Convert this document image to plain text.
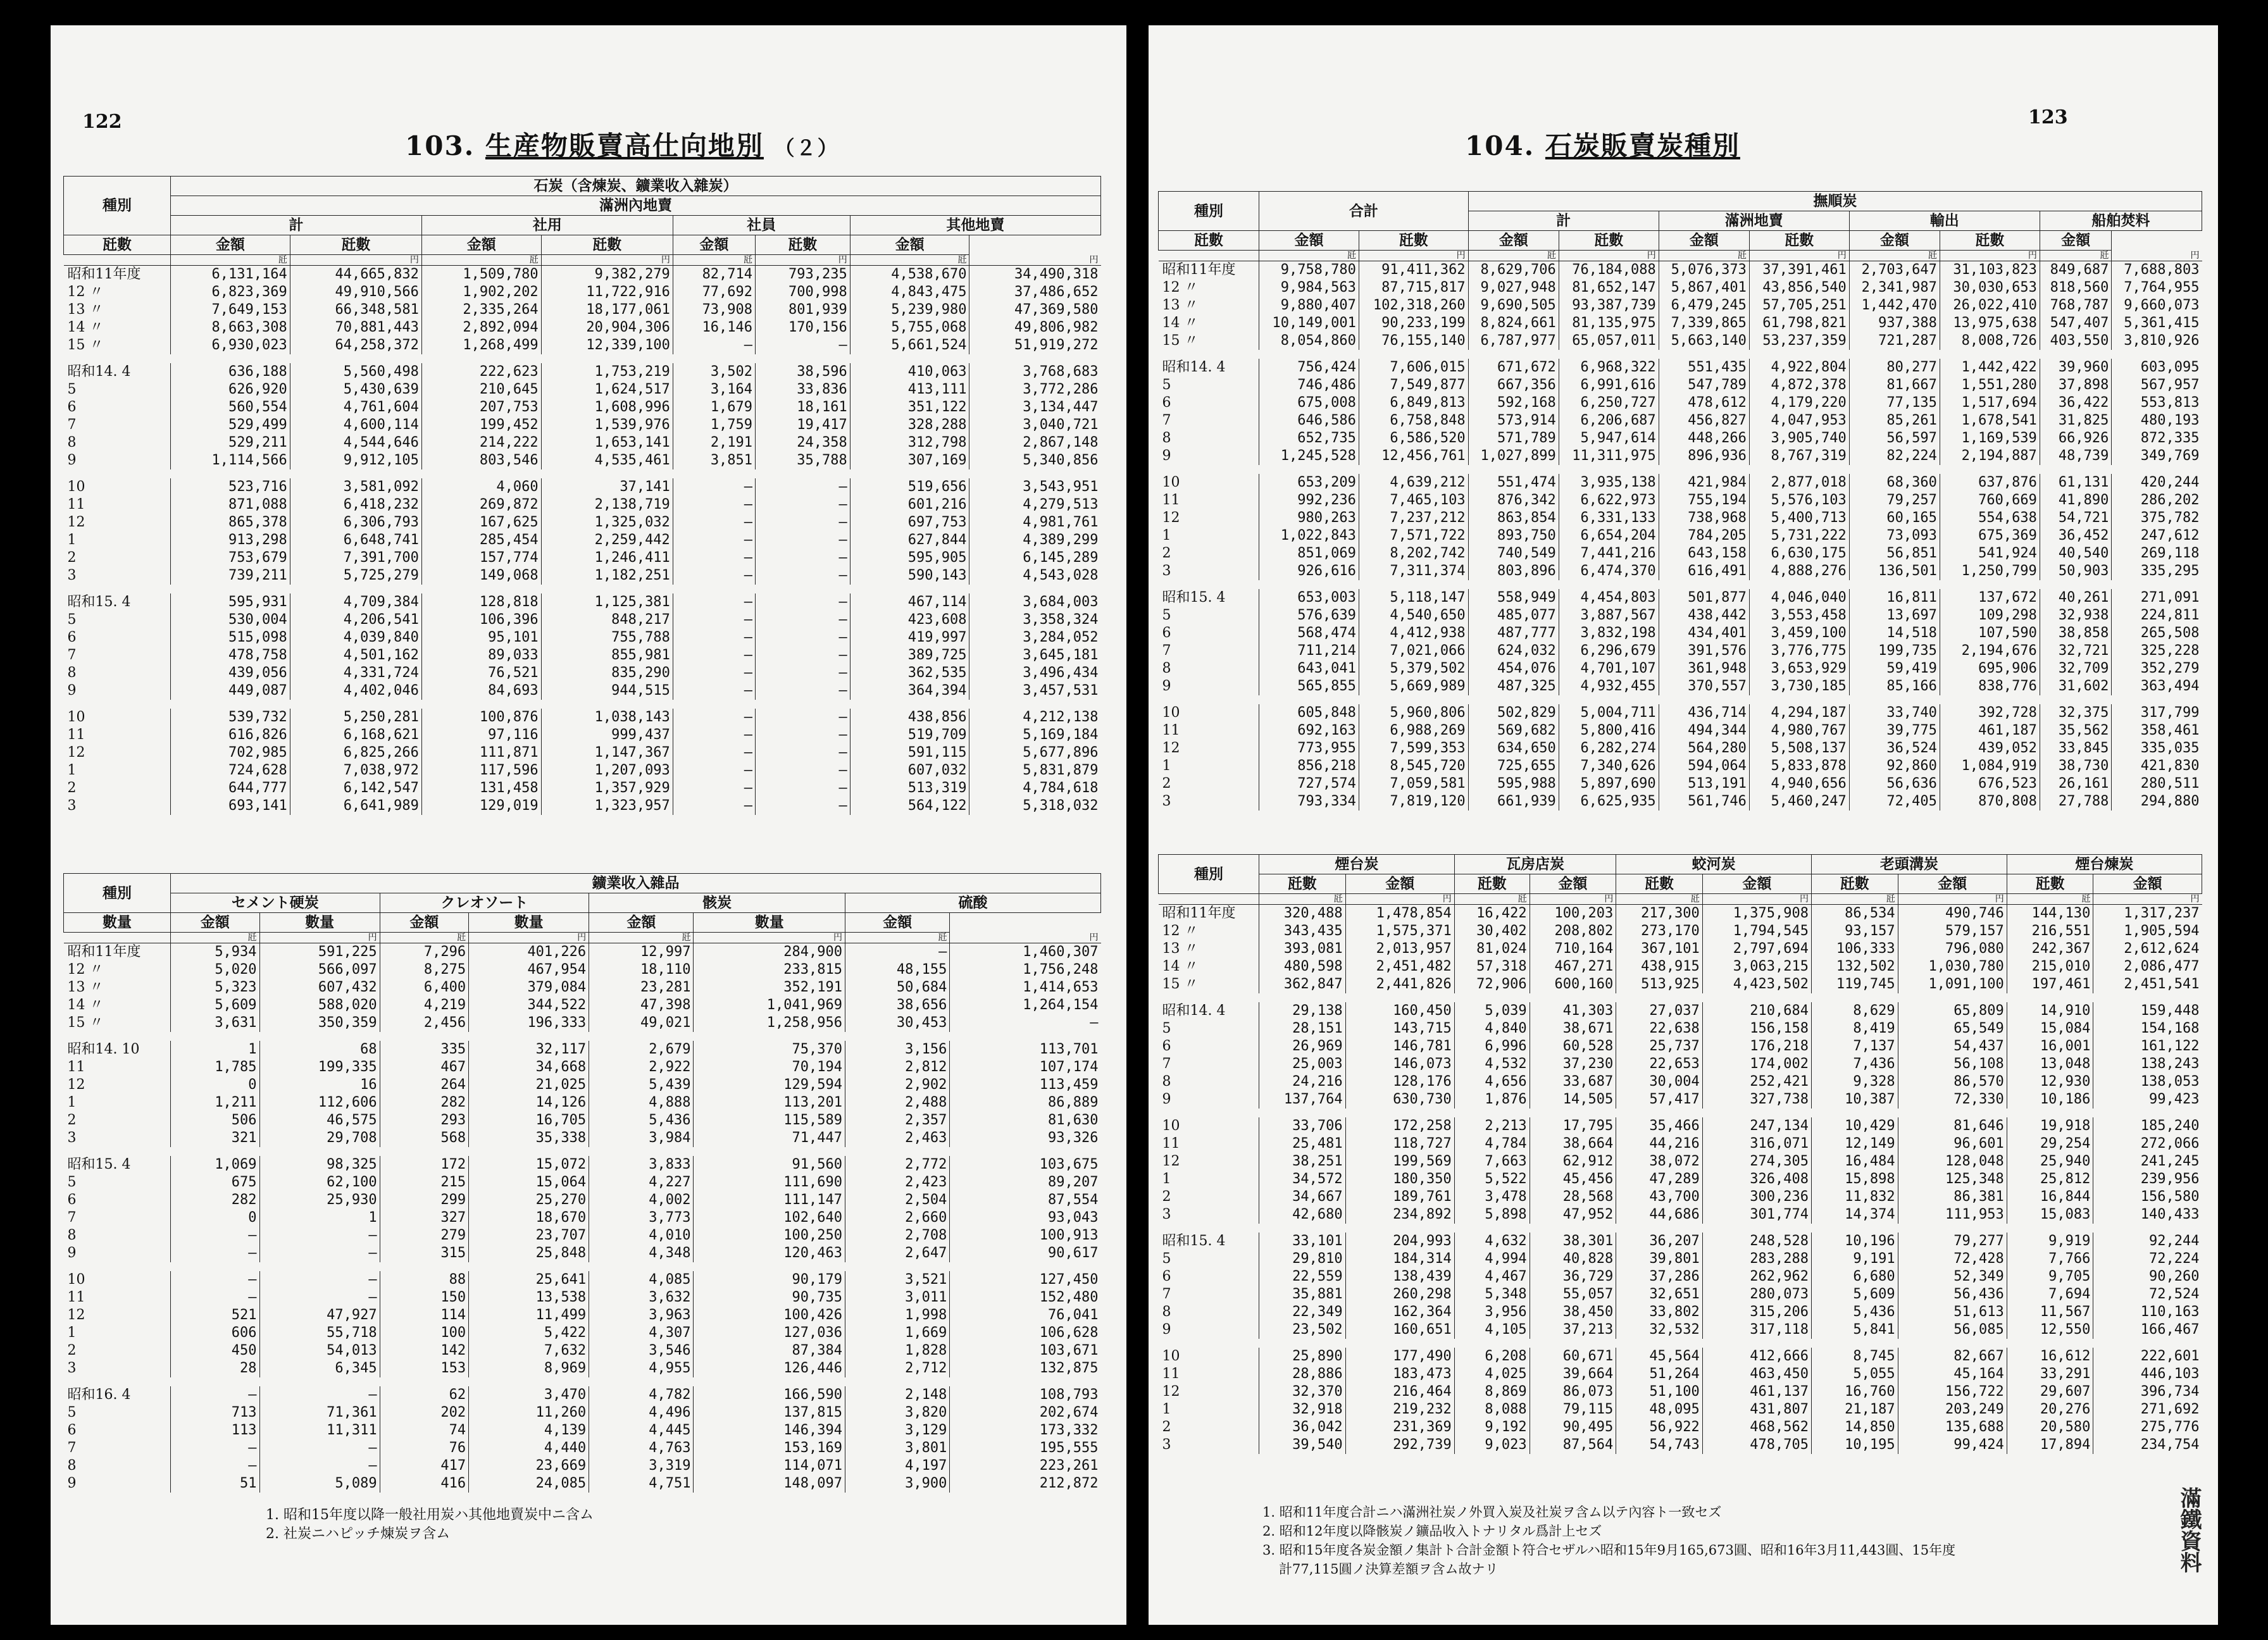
122
103. 生産物販賣高仕向地別 （２）
種別	石炭（含煉炭、鑛業收入雜炭）							
	滿洲內地賣							
	計		社用		社員		其他地賣	
瓩數	金額	瓩數	金額	瓩數	金額	瓩數	金額	
	瓩	円	瓩	円	瓩	円	瓩	円
昭和11年度	6,131,164	44,665,832	1,509,780	9,382,279	82,714	793,235	4,538,670	34,490,318
12 〃	6,823,369	49,910,566	1,902,202	11,722,916	77,692	700,998	4,843,475	37,486,652
13 〃	7,649,153	66,348,581	2,335,264	18,177,061	73,908	801,939	5,239,980	47,369,580
14 〃	8,663,308	70,881,443	2,892,094	20,904,306	16,146	170,156	5,755,068	49,806,982
15 〃	6,930,023	64,258,372	1,268,499	12,339,100	—	—	5,661,524	51,919,272

昭和14. 4	636,188	5,560,498	222,623	1,753,219	3,502	38,596	410,063	3,768,683
5	626,920	5,430,639	210,645	1,624,517	3,164	33,836	413,111	3,772,286
6	560,554	4,761,604	207,753	1,608,996	1,679	18,161	351,122	3,134,447
7	529,499	4,600,114	199,452	1,539,976	1,759	19,417	328,288	3,040,721
8	529,211	4,544,646	214,222	1,653,141	2,191	24,358	312,798	2,867,148
9	1,114,566	9,912,105	803,546	4,535,461	3,851	35,788	307,169	5,340,856

10	523,716	3,581,092	4,060	37,141	—	—	519,656	3,543,951
11	871,088	6,418,232	269,872	2,138,719	—	—	601,216	4,279,513
12	865,378	6,306,793	167,625	1,325,032	—	—	697,753	4,981,761
1	913,298	6,648,741	285,454	2,259,442	—	—	627,844	4,389,299
2	753,679	7,391,700	157,774	1,246,411	—	—	595,905	6,145,289
3	739,211	5,725,279	149,068	1,182,251	—	—	590,143	4,543,028

昭和15. 4	595,931	4,709,384	128,818	1,125,381	—	—	467,114	3,684,003
5	530,004	4,206,541	106,396	848,217	—	—	423,608	3,358,324
6	515,098	4,039,840	95,101	755,788	—	—	419,997	3,284,052
7	478,758	4,501,162	89,033	855,981	—	—	389,725	3,645,181
8	439,056	4,331,724	76,521	835,290	—	—	362,535	3,496,434
9	449,087	4,402,046	84,693	944,515	—	—	364,394	3,457,531

10	539,732	5,250,281	100,876	1,038,143	—	—	438,856	4,212,138
11	616,826	6,168,621	97,116	999,437	—	—	519,709	5,169,184
12	702,985	6,825,266	111,871	1,147,367	—	—	591,115	5,677,896
1	724,628	7,038,972	117,596	1,207,093	—	—	607,032	5,831,879
2	644,777	6,142,547	131,458	1,357,929	—	—	513,319	4,784,618
3	693,141	6,641,989	129,019	1,323,957	—	—	564,122	5,318,032
種別	鑛業收入雜品							
	セメント硬炭		クレオソート		骸炭		硫酸	
數量	金額	數量	金額	數量	金額	數量	金額	
	瓩	円	瓩	円	瓩	円	瓩	円
昭和11年度	5,934	591,225	7,296	401,226	12,997	284,900	—	1,460,307
12 〃	5,020	566,097	8,275	467,954	18,110	233,815	48,155	1,756,248
13 〃	5,323	607,432	6,400	379,084	23,281	352,191	50,684	1,414,653
14 〃	5,609	588,020	4,219	344,522	47,398	1,041,969	38,656	1,264,154
15 〃	3,631	350,359	2,456	196,333	49,021	1,258,956	30,453	—

昭和14. 10	1	68	335	32,117	2,679	75,370	3,156	113,701
11	1,785	199,335	467	34,668	2,922	70,194	2,812	107,174
12	0	16	264	21,025	5,439	129,594	2,902	113,459
1	1,211	112,606	282	14,126	4,888	113,201	2,488	86,889
2	506	46,575	293	16,705	5,436	115,589	2,357	81,630
3	321	29,708	568	35,338	3,984	71,447	2,463	93,326

昭和15. 4	1,069	98,325	172	15,072	3,833	91,560	2,772	103,675
5	675	62,100	215	15,064	4,227	111,690	2,423	89,207
6	282	25,930	299	25,270	4,002	111,147	2,504	87,554
7	0	1	327	18,670	3,773	102,640	2,660	93,043
8	—	—	279	23,707	4,010	100,250	2,708	100,913
9	—	—	315	25,848	4,348	120,463	2,647	90,617

10	—	—	88	25,641	4,085	90,179	3,521	127,450
11	—	—	150	13,538	3,632	90,735	3,011	152,480
12	521	47,927	114	11,499	3,963	100,426	1,998	76,041
1	606	55,718	100	5,422	4,307	127,036	1,669	106,628
2	450	54,013	142	7,632	3,546	87,384	1,828	103,671
3	28	6,345	153	8,969	4,955	126,446	2,712	132,875

昭和16. 4	—	—	62	3,470	4,782	166,590	2,148	108,793
5	713	71,361	202	11,260	4,496	137,815	3,820	202,674
6	113	11,311	74	4,139	4,445	146,394	3,129	173,332
7	—	—	76	4,440	4,763	153,169	3,801	195,555
8	—	—	417	23,669	3,319	114,071	4,197	223,261
9	51	5,089	416	24,085	4,751	148,097	3,900	212,872
1. 昭和15年度以降一般社用炭ハ其他地賣炭中ニ含ム
2. 社炭ニハピッチ煉炭ヲ含ム
123
104. 石炭販賣炭種別
種別	合計		撫順炭							
			計		滿洲地賣		輸出		船舶焚料	
瓩數	金額	瓩數	金額	瓩數	金額	瓩數	金額	瓩數	金額	
	瓩	円	瓩	円	瓩	円	瓩	円	瓩	円
昭和11年度	9,758,780	91,411,362	8,629,706	76,184,088	5,076,373	37,391,461	2,703,647	31,103,823	849,687	7,688,803
12 〃	9,984,563	87,715,817	9,027,948	81,652,147	5,867,401	43,856,540	2,341,987	30,030,653	818,560	7,764,955
13 〃	9,880,407	102,318,260	9,690,505	93,387,739	6,479,245	57,705,251	1,442,470	26,022,410	768,787	9,660,073
14 〃	10,149,001	90,233,199	8,824,661	81,135,975	7,339,865	61,798,821	937,388	13,975,638	547,407	5,361,415
15 〃	8,054,860	76,155,140	6,787,977	65,057,011	5,663,140	53,237,359	721,287	8,008,726	403,550	3,810,926

昭和14. 4	756,424	7,606,015	671,672	6,968,322	551,435	4,922,804	80,277	1,442,422	39,960	603,095
5	746,486	7,549,877	667,356	6,991,616	547,789	4,872,378	81,667	1,551,280	37,898	567,957
6	675,008	6,849,813	592,168	6,250,727	478,612	4,179,220	77,135	1,517,694	36,422	553,813
7	646,586	6,758,848	573,914	6,206,687	456,827	4,047,953	85,261	1,678,541	31,825	480,193
8	652,735	6,586,520	571,789	5,947,614	448,266	3,905,740	56,597	1,169,539	66,926	872,335
9	1,245,528	12,456,761	1,027,899	11,311,975	896,936	8,767,319	82,224	2,194,887	48,739	349,769

10	653,209	4,639,212	551,474	3,935,138	421,984	2,877,018	68,360	637,876	61,131	420,244
11	992,236	7,465,103	876,342	6,622,973	755,194	5,576,103	79,257	760,669	41,890	286,202
12	980,263	7,237,212	863,854	6,331,133	738,968	5,400,713	60,165	554,638	54,721	375,782
1	1,022,843	7,571,722	893,750	6,654,204	784,205	5,731,222	73,093	675,369	36,452	247,612
2	851,069	8,202,742	740,549	7,441,216	643,158	6,630,175	56,851	541,924	40,540	269,118
3	926,616	7,311,374	803,896	6,474,370	616,491	4,888,276	136,501	1,250,799	50,903	335,295

昭和15. 4	653,003	5,118,147	558,949	4,454,803	501,877	4,046,040	16,811	137,672	40,261	271,091
5	576,639	4,540,650	485,077	3,887,567	438,442	3,553,458	13,697	109,298	32,938	224,811
6	568,474	4,412,938	487,777	3,832,198	434,401	3,459,100	14,518	107,590	38,858	265,508
7	711,214	7,021,066	624,032	6,296,679	391,576	3,776,775	199,735	2,194,676	32,721	325,228
8	643,041	5,379,502	454,076	4,701,107	361,948	3,653,929	59,419	695,906	32,709	352,279
9	565,855	5,669,989	487,325	4,932,455	370,557	3,730,185	85,166	838,776	31,602	363,494

10	605,848	5,960,806	502,829	5,004,711	436,714	4,294,187	33,740	392,728	32,375	317,799
11	692,163	6,988,269	569,682	5,800,416	494,344	4,980,767	39,775	461,187	35,562	358,461
12	773,955	7,599,353	634,650	6,282,274	564,280	5,508,137	36,524	439,052	33,845	335,035
1	856,218	8,545,720	725,655	7,340,626	594,064	5,833,878	92,860	1,084,919	38,730	421,830
2	727,574	7,059,581	595,988	5,897,690	513,191	4,940,656	56,636	676,523	26,161	280,511
3	793,334	7,819,120	661,939	6,625,935	561,746	5,460,247	72,405	870,808	27,788	294,880
種別	煙台炭		瓦房店炭		蛟河炭		老頭溝炭		煙台煉炭	
	瓩數	金額	瓩數	金額	瓩數	金額	瓩數	金額	瓩數	金額
	瓩	円	瓩	円	瓩	円	瓩	円	瓩	円
昭和11年度	320,488	1,478,854	16,422	100,203	217,300	1,375,908	86,534	490,746	144,130	1,317,237
12 〃	343,435	1,575,371	30,402	208,802	273,170	1,794,545	93,157	579,157	216,551	1,905,594
13 〃	393,081	2,013,957	81,024	710,164	367,101	2,797,694	106,333	796,080	242,367	2,612,624
14 〃	480,598	2,451,482	57,318	467,271	438,915	3,063,215	132,502	1,030,780	215,010	2,086,477
15 〃	362,847	2,441,826	72,906	600,160	513,925	4,423,502	119,745	1,091,100	197,461	2,451,541

昭和14. 4	29,138	160,450	5,039	41,303	27,037	210,684	8,629	65,809	14,910	159,448
5	28,151	143,715	4,840	38,671	22,638	156,158	8,419	65,549	15,084	154,168
6	26,969	146,781	6,996	60,528	25,737	176,218	7,137	54,437	16,001	161,122
7	25,003	146,073	4,532	37,230	22,653	174,002	7,436	56,108	13,048	138,243
8	24,216	128,176	4,656	33,687	30,004	252,421	9,328	86,570	12,930	138,053
9	137,764	630,730	1,876	14,505	57,417	327,738	10,387	72,330	10,186	99,423

10	33,706	172,258	2,213	17,795	35,466	247,134	10,429	81,646	19,918	185,240
11	25,481	118,727	4,784	38,664	44,216	316,071	12,149	96,601	29,254	272,066
12	38,251	199,569	7,663	62,912	38,072	274,305	16,484	128,048	25,940	241,245
1	34,572	180,350	5,522	45,456	47,289	326,408	15,898	125,348	25,812	239,956
2	34,667	189,761	3,478	28,568	43,700	300,236	11,832	86,381	16,844	156,580
3	42,680	234,892	5,898	47,952	44,686	301,774	14,374	111,953	15,083	140,433

昭和15. 4	33,101	204,993	4,632	38,301	36,207	248,528	10,196	79,277	9,919	92,244
5	29,810	184,314	4,994	40,828	39,801	283,288	9,191	72,428	7,766	72,224
6	22,559	138,439	4,467	36,729	37,286	262,962	6,680	52,349	9,705	90,260
7	35,881	260,298	5,348	55,057	32,651	280,073	5,609	56,436	7,694	72,524
8	22,349	162,364	3,956	38,450	33,802	315,206	5,436	51,613	11,567	110,163
9	23,502	160,651	4,105	37,213	32,532	317,118	5,841	56,085	12,550	166,467

10	25,890	177,490	6,208	60,671	45,564	412,666	8,745	82,667	16,612	222,601
11	28,886	183,473	4,025	39,664	51,264	463,450	5,055	45,164	33,291	446,103
12	32,370	216,464	8,869	86,073	51,100	461,137	16,760	156,722	29,607	396,734
1	32,918	219,232	8,088	79,115	48,095	431,807	21,187	203,249	20,276	271,692
2	36,042	231,369	9,192	90,495	56,922	468,562	14,850	135,688	20,580	275,776
3	39,540	292,739	9,023	87,564	54,743	478,705	10,195	99,424	17,894	234,754
1. 昭和11年度合計ニハ滿洲社炭ノ外買入炭及社炭ヲ含ム以テ內容ト一致セズ
2. 昭和12年度以降骸炭ノ鑛品收入トナリタル爲計上セズ
3. 昭和15年度各炭金額ノ集計ト合計金額ト符合セザルハ昭和15年9月165,673圓、昭和16年3月11,443圓、15年度
計77,115圓ノ決算差額ヲ含ム故ナリ	滿鐵資料
